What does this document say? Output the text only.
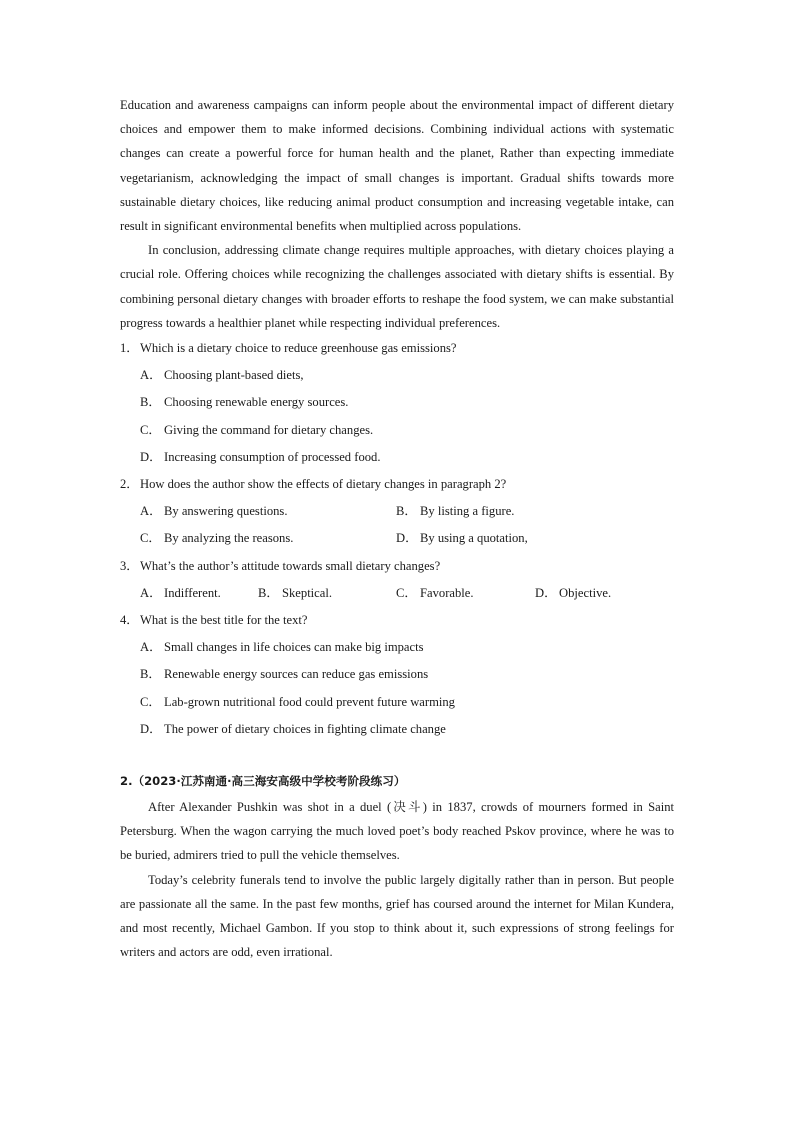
Education and awareness campaigns can inform people about the environmental impact of different dietary choices and empower them to make informed decisions. Combining individual actions with systematic changes can create a powerful force for human health and the planet, Rather than expecting immediate vegetarianism, acknowledging the impact of small changes is important. Gradual shifts towards more sustainable dietary choices, like reducing animal product consumption and increasing vegetable intake, can result in significant environmental benefits when multiplied across populations.

In conclusion, addressing climate change requires multiple approaches, with dietary choices playing a crucial role. Offering choices while recognizing the challenges associated with dietary shifts is essential. By combining personal dietary changes with broader efforts to reshape the food system, we can make substantial progress towards a healthier planet while respecting individual preferences.

1．Which is a dietary choice to reduce greenhouse gas emissions?
A． Choosing plant-based diets,
B． Choosing renewable energy sources.
C． Giving the command for dietary changes.
D． Increasing consumption of processed food.
2．How does the author show the effects of dietary changes in paragraph 2?
A． By answering questions.	B． By listing a figure.
C． By analyzing the reasons.	D． By using a quotation,
3．What’s the author’s attitude towards small dietary changes?
A． Indifferent.	B． Skeptical.	C． Favorable.	D． Objective.
4．What is the best title for the text?
A． Small changes in life choices can make big impacts
B． Renewable energy sources can reduce gas emissions
C． Lab-grown nutritional food could prevent future warming
D． The power of dietary choices in fighting climate change
2.（2023·江苏南通·高三海安高级中学校考阶段练习）

After Alexander Pushkin was shot in a duel (决斗) in 1837, crowds of mourners formed in Saint Petersburg. When the wagon carrying the much loved poet’s body reached Pskov province, where he was to be buried, admirers tried to pull the vehicle themselves.

Today’s celebrity funerals tend to involve the public largely digitally rather than in person. But people are passionate all the same. In the past few months, grief has coursed around the internet for Milan Kundera, and most recently, Michael Gambon. If you stop to think about it, such expressions of strong feelings for writers and actors are odd, even irrational.
